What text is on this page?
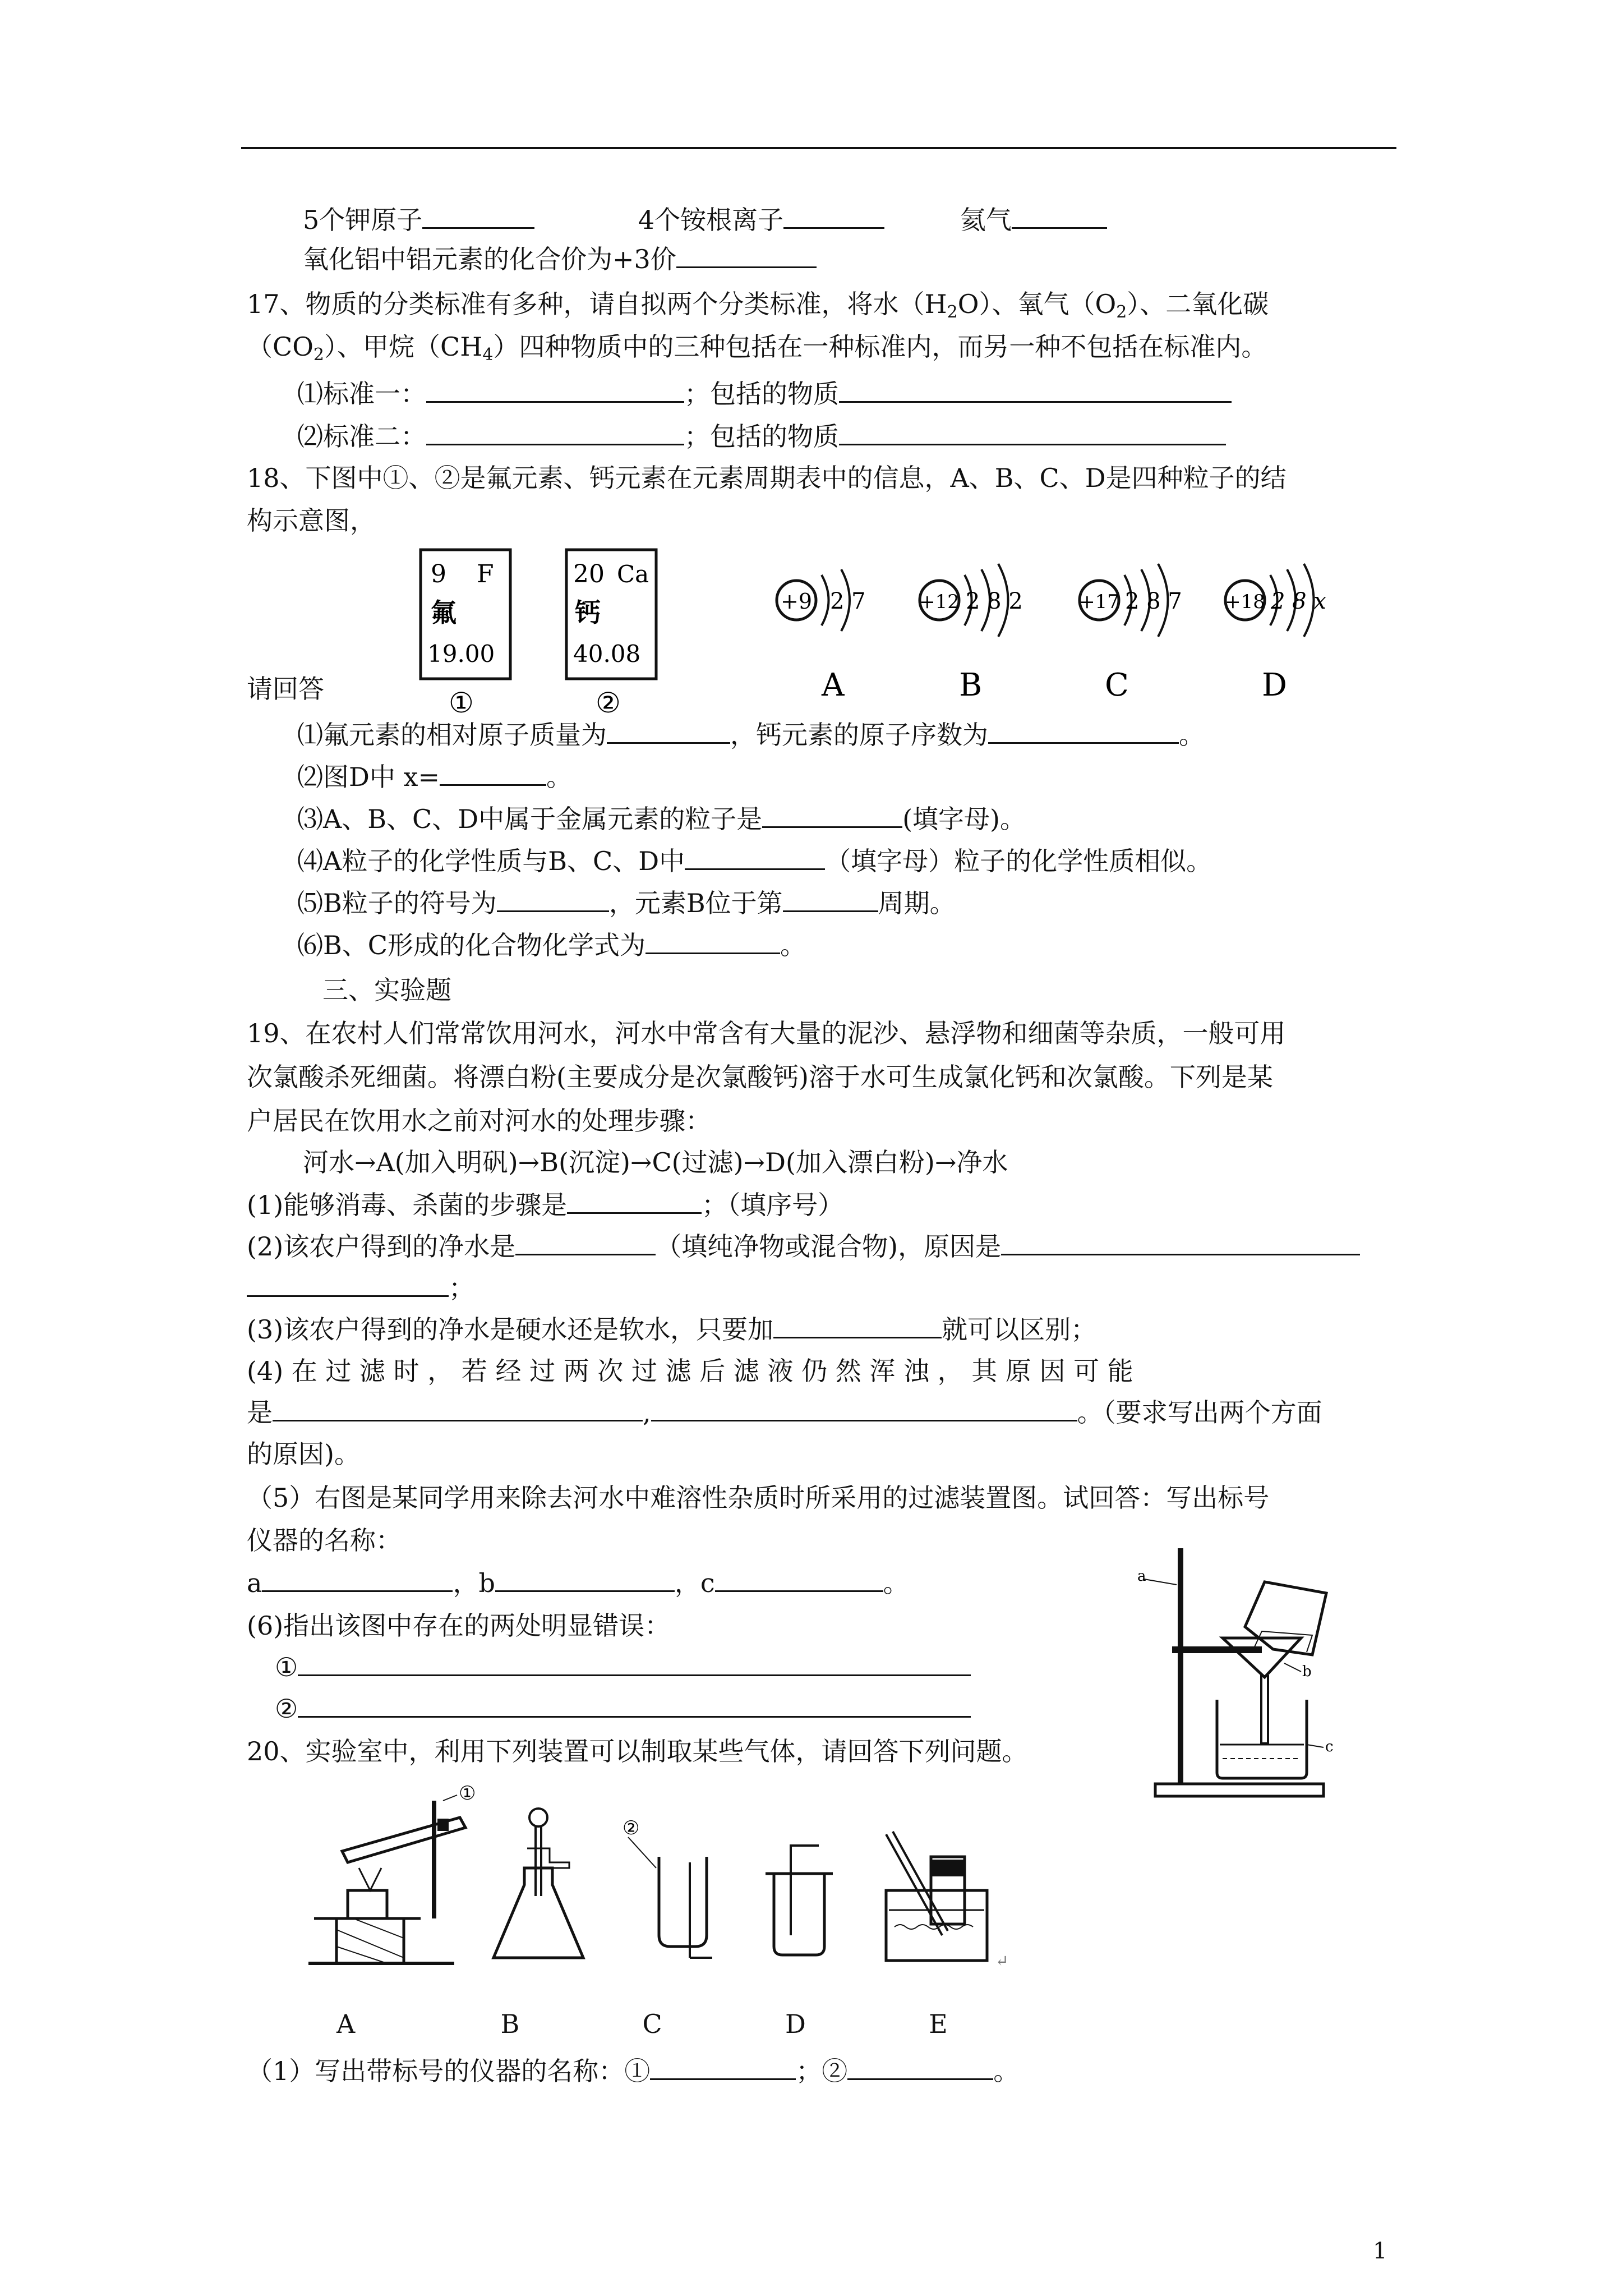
5个钾原子	4个铵根离子	氦气
氧化铝中铝元素的化合价为+3价
17、物质的分类标准有多种，请自拟两个分类标准，将水$(H_2O)$、氧气$(O_2)$、二氧化碳
$(CO_2)$、甲烷$(CH_4)$四种物质中的三种包括在一种标准内，而另一种不包括在标准内。
⑴标准一：	；包括的物质
⑵标准二：	；包括的物质
18、下图中①、②是氟元素、钙元素在元素周期表中的信息，A、B、C、D是四种粒子的结
构示意图，
9 F
氟
19.00
①
20 Ca
钙
40.08
②
+9 2 7
A
+12 2 8 2
B
+17 2 8 7
C
+18 2 8 x
D
请回答
⑴氟元素的相对原子质量为	，钙元素的原子序数为	。
⑵图D中 x=	。
⑶A、B、C、D中属于金属元素的粒子是	(填字母)。
⑷A粒子的化学性质与B、C、D中	（填字母）粒子的化学性质相似。
⑸B粒子的符号为	，元素B位于第	周期。
⑹B、C形成的化合物化学式为	。
三、实验题
19、在农村人们常常饮用河水，河水中常含有大量的泥沙、悬浮物和细菌等杂质，一般可用
次氯酸杀死细菌。将漂白粉(主要成分是次氯酸钙)溶于水可生成氯化钙和次氯酸。下列是某
户居民在饮用水之前对河水的处理步骤：
河水→A(加入明矾)→B(沉淀)→C(过滤)→D(加入漂白粉)→净水
(1)能够消毒、杀菌的步骤是	；（填序号）
(2)该农户得到的净水是	（填纯净物或混合物)，原因是
；
(3)该农户得到的净水是硬水还是软水，只要加	就可以区别；
(4) 在 过 滤 时 ， 若 经 过 两 次 过 滤 后 滤 液 仍 然 浑 浊 ， 其 原 因 可 能
是	,	。（要求写出两个方面
的原因)。
（5）右图是某同学用来除去河水中难溶性杂质时所采用的过滤装置图。试回答：写出标号
仪器的名称：
a	，b	，c	。
(6)指出该图中存在的两处明显错误：
①
②
a
b
c
20、实验室中，利用下列装置可以制取某些气体，请回答下列问题。
①
②
↵
A	B	C	D	E
（1）写出带标号的仪器的名称：①	；②	。
1
